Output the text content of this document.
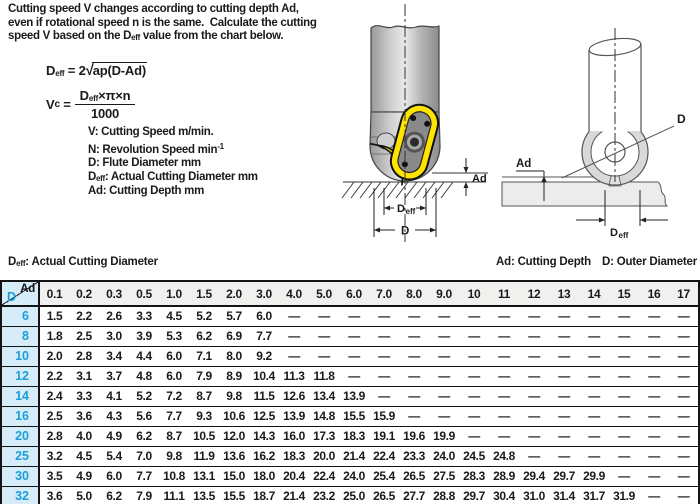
Cutting speed V changes according to cutting depth Ad,
even if rotational speed n is the same.  Calculate the cutting
speed V based on the Deff value from the chart below.
Deff = 2√ap(D-Ad)
V $c = \frac{\text{Deff×π×n}}{1000}$
V: Cutting Speed m/min.
N: Revolution Speed $\min^{-1}$
D: Flute Diameter mm
Deff: Actual Cutting Diameter mm
Ad: Cutting Depth mm
Ad
D eff
D
D
Ad
D eff
Deff: Actual Cutting Diameter	Ad: Cutting Depth D: Outer Diameter
Ad
D	0.1	0.2	0.3	0.5	1.0	1.5	2.0	3.0	4.0	5.0	6.0	7.0	8.0	9.0	10	11	12	13	14	15	16	17
6	1.5	2.2	2.6	3.3	4.5	5.2	5.7	6.0	—	—	—	—	—	—	—	—	—	—	—	—	—	—
8	1.8	2.5	3.0	3.9	5.3	6.2	6.9	7.7	—	—	—	—	—	—	—	—	—	—	—	—	—	—
10	2.0	2.8	3.4	4.4	6.0	7.1	8.0	9.2	—	—	—	—	—	—	—	—	—	—	—	—	—	—
12	2.2	3.1	3.7	4.8	6.0	7.9	8.9	10.4	11.3	11.8	—	—	—	—	—	—	—	—	—	—	—	—
14	2.4	3.3	4.1	5.2	7.2	8.7	9.8	11.5	12.6	13.4	13.9	—	—	—	—	—	—	—	—	—	—	—
16	2.5	3.6	4.3	5.6	7.7	9.3	10.6	12.5	13.9	14.8	15.5	15.9	—	—	—	—	—	—	—	—	—	—
20	2.8	4.0	4.9	6.2	8.7	10.5	12.0	14.3	16.0	17.3	18.3	19.1	19.6	19.9	—	—	—	—	—	—	—	—
25	3.2	4.5	5.4	7.0	9.8	11.9	13.6	16.2	18.3	20.0	21.4	22.4	23.3	24.0	24.5	24.8	—	—	—	—	—	—
30	3.5	4.9	6.0	7.7	10.8	13.1	15.0	18.0	20.4	22.4	24.0	25.4	26.5	27.5	28.3	28.9	29.4	29.7	29.9	—	—	—
32	3.6	5.0	6.2	7.9	11.1	13.5	15.5	18.7	21.4	23.2	25.0	26.5	27.7	28.8	29.7	30.4	31.0	31.4	31.7	31.9	—	—
